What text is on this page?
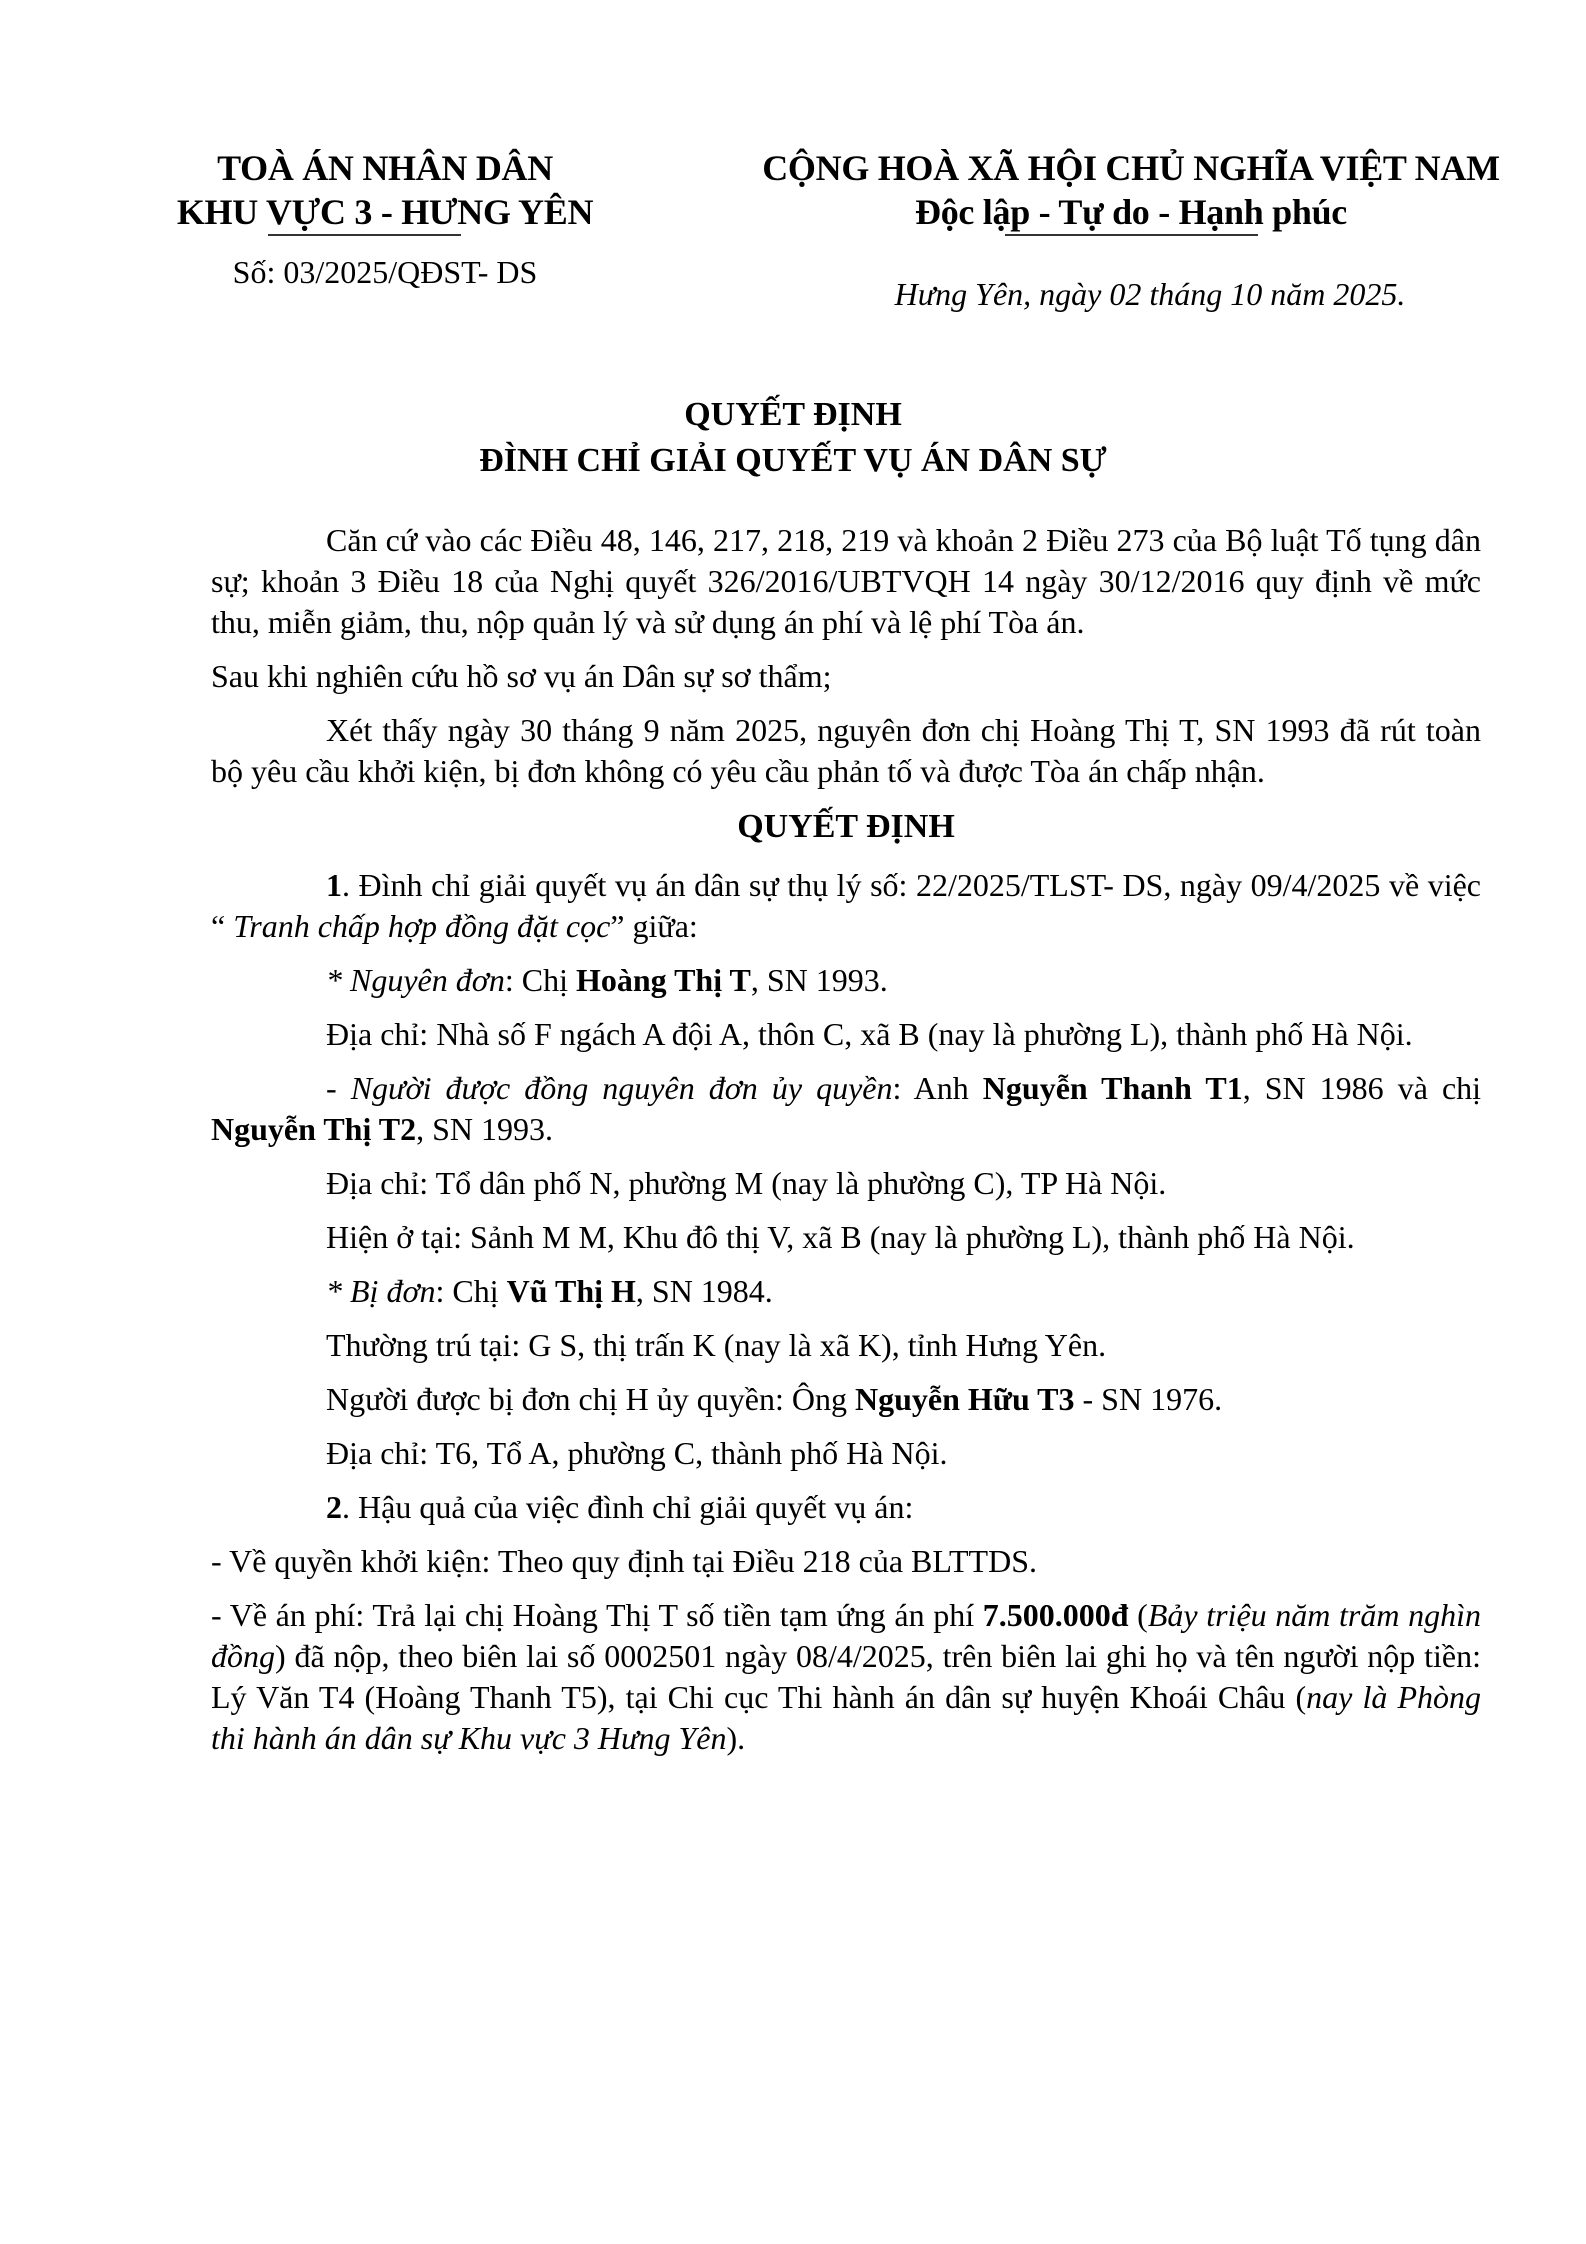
TOÀ ÁN NHÂN DÂN
KHU VỰC 3 - HƯNG YÊN
Số: 03/2025/QĐST- DS
CỘNG HOÀ XÃ HỘI CHỦ NGHĨA VIỆT NAM
Độc lập - Tự do - Hạnh phúc
Hưng Yên, ngày 02 tháng 10 năm 2025.
QUYẾT ĐỊNH
ĐÌNH CHỈ GIẢI QUYẾT VỤ ÁN DÂN SỰ

Căn cứ vào các Điều 48, 146, 217, 218, 219 và khoản 2 Điều 273 của Bộ luật Tố tụng dân sự; khoản 3 Điều 18 của Nghị quyết 326/2016/UBTVQH 14 ngày 30/12/2016 quy định về mức thu, miễn giảm, thu, nộp quản lý và sử dụng án phí và lệ phí Tòa án.

Sau khi nghiên cứu hồ sơ vụ án Dân sự sơ thẩm;

Xét thấy ngày 30 tháng 9 năm 2025, nguyên đơn chị Hoàng Thị T, SN 1993 đã rút toàn bộ yêu cầu khởi kiện, bị đơn không có yêu cầu phản tố và được Tòa án chấp nhận.

QUYẾT ĐỊNH

1. Đình chỉ giải quyết vụ án dân sự thụ lý số: 22/2025/TLST- DS, ngày 09/4/2025 về việc “ Tranh chấp hợp đồng đặt cọc” giữa:

* Nguyên đơn: Chị Hoàng Thị T, SN 1993.

Địa chỉ: Nhà số F ngách A đội A, thôn C, xã B (nay là phường L), thành phố Hà Nội.

- Người được đồng nguyên đơn ủy quyền: Anh Nguyễn Thanh T1, SN 1986 và chị Nguyễn Thị T2, SN 1993.

Địa chỉ: Tổ dân phố N, phường M (nay là phường C), TP Hà Nội.

Hiện ở tại: Sảnh M M, Khu đô thị V, xã B (nay là phường L), thành phố Hà Nội.

* Bị đơn: Chị Vũ Thị H, SN 1984.

Thường trú tại: G S, thị trấn K (nay là xã K), tỉnh Hưng Yên.

Người được bị đơn chị H ủy quyền: Ông Nguyễn Hữu T3 - SN 1976.

Địa chỉ: T6, Tổ A, phường C, thành phố Hà Nội.

2. Hậu quả của việc đình chỉ giải quyết vụ án:

- Về quyền khởi kiện: Theo quy định tại Điều 218 của BLTTDS.

- Về án phí: Trả lại chị Hoàng Thị T số tiền tạm ứng án phí 7.500.000đ (Bảy triệu năm trăm nghìn đồng) đã nộp, theo biên lai số 0002501 ngày 08/4/2025, trên biên lai ghi họ và tên người nộp tiền: Lý Văn T4 (Hoàng Thanh T5), tại Chi cục Thi hành án dân sự huyện Khoái Châu (nay là Phòng thi hành án dân sự Khu vực 3 Hưng Yên).
